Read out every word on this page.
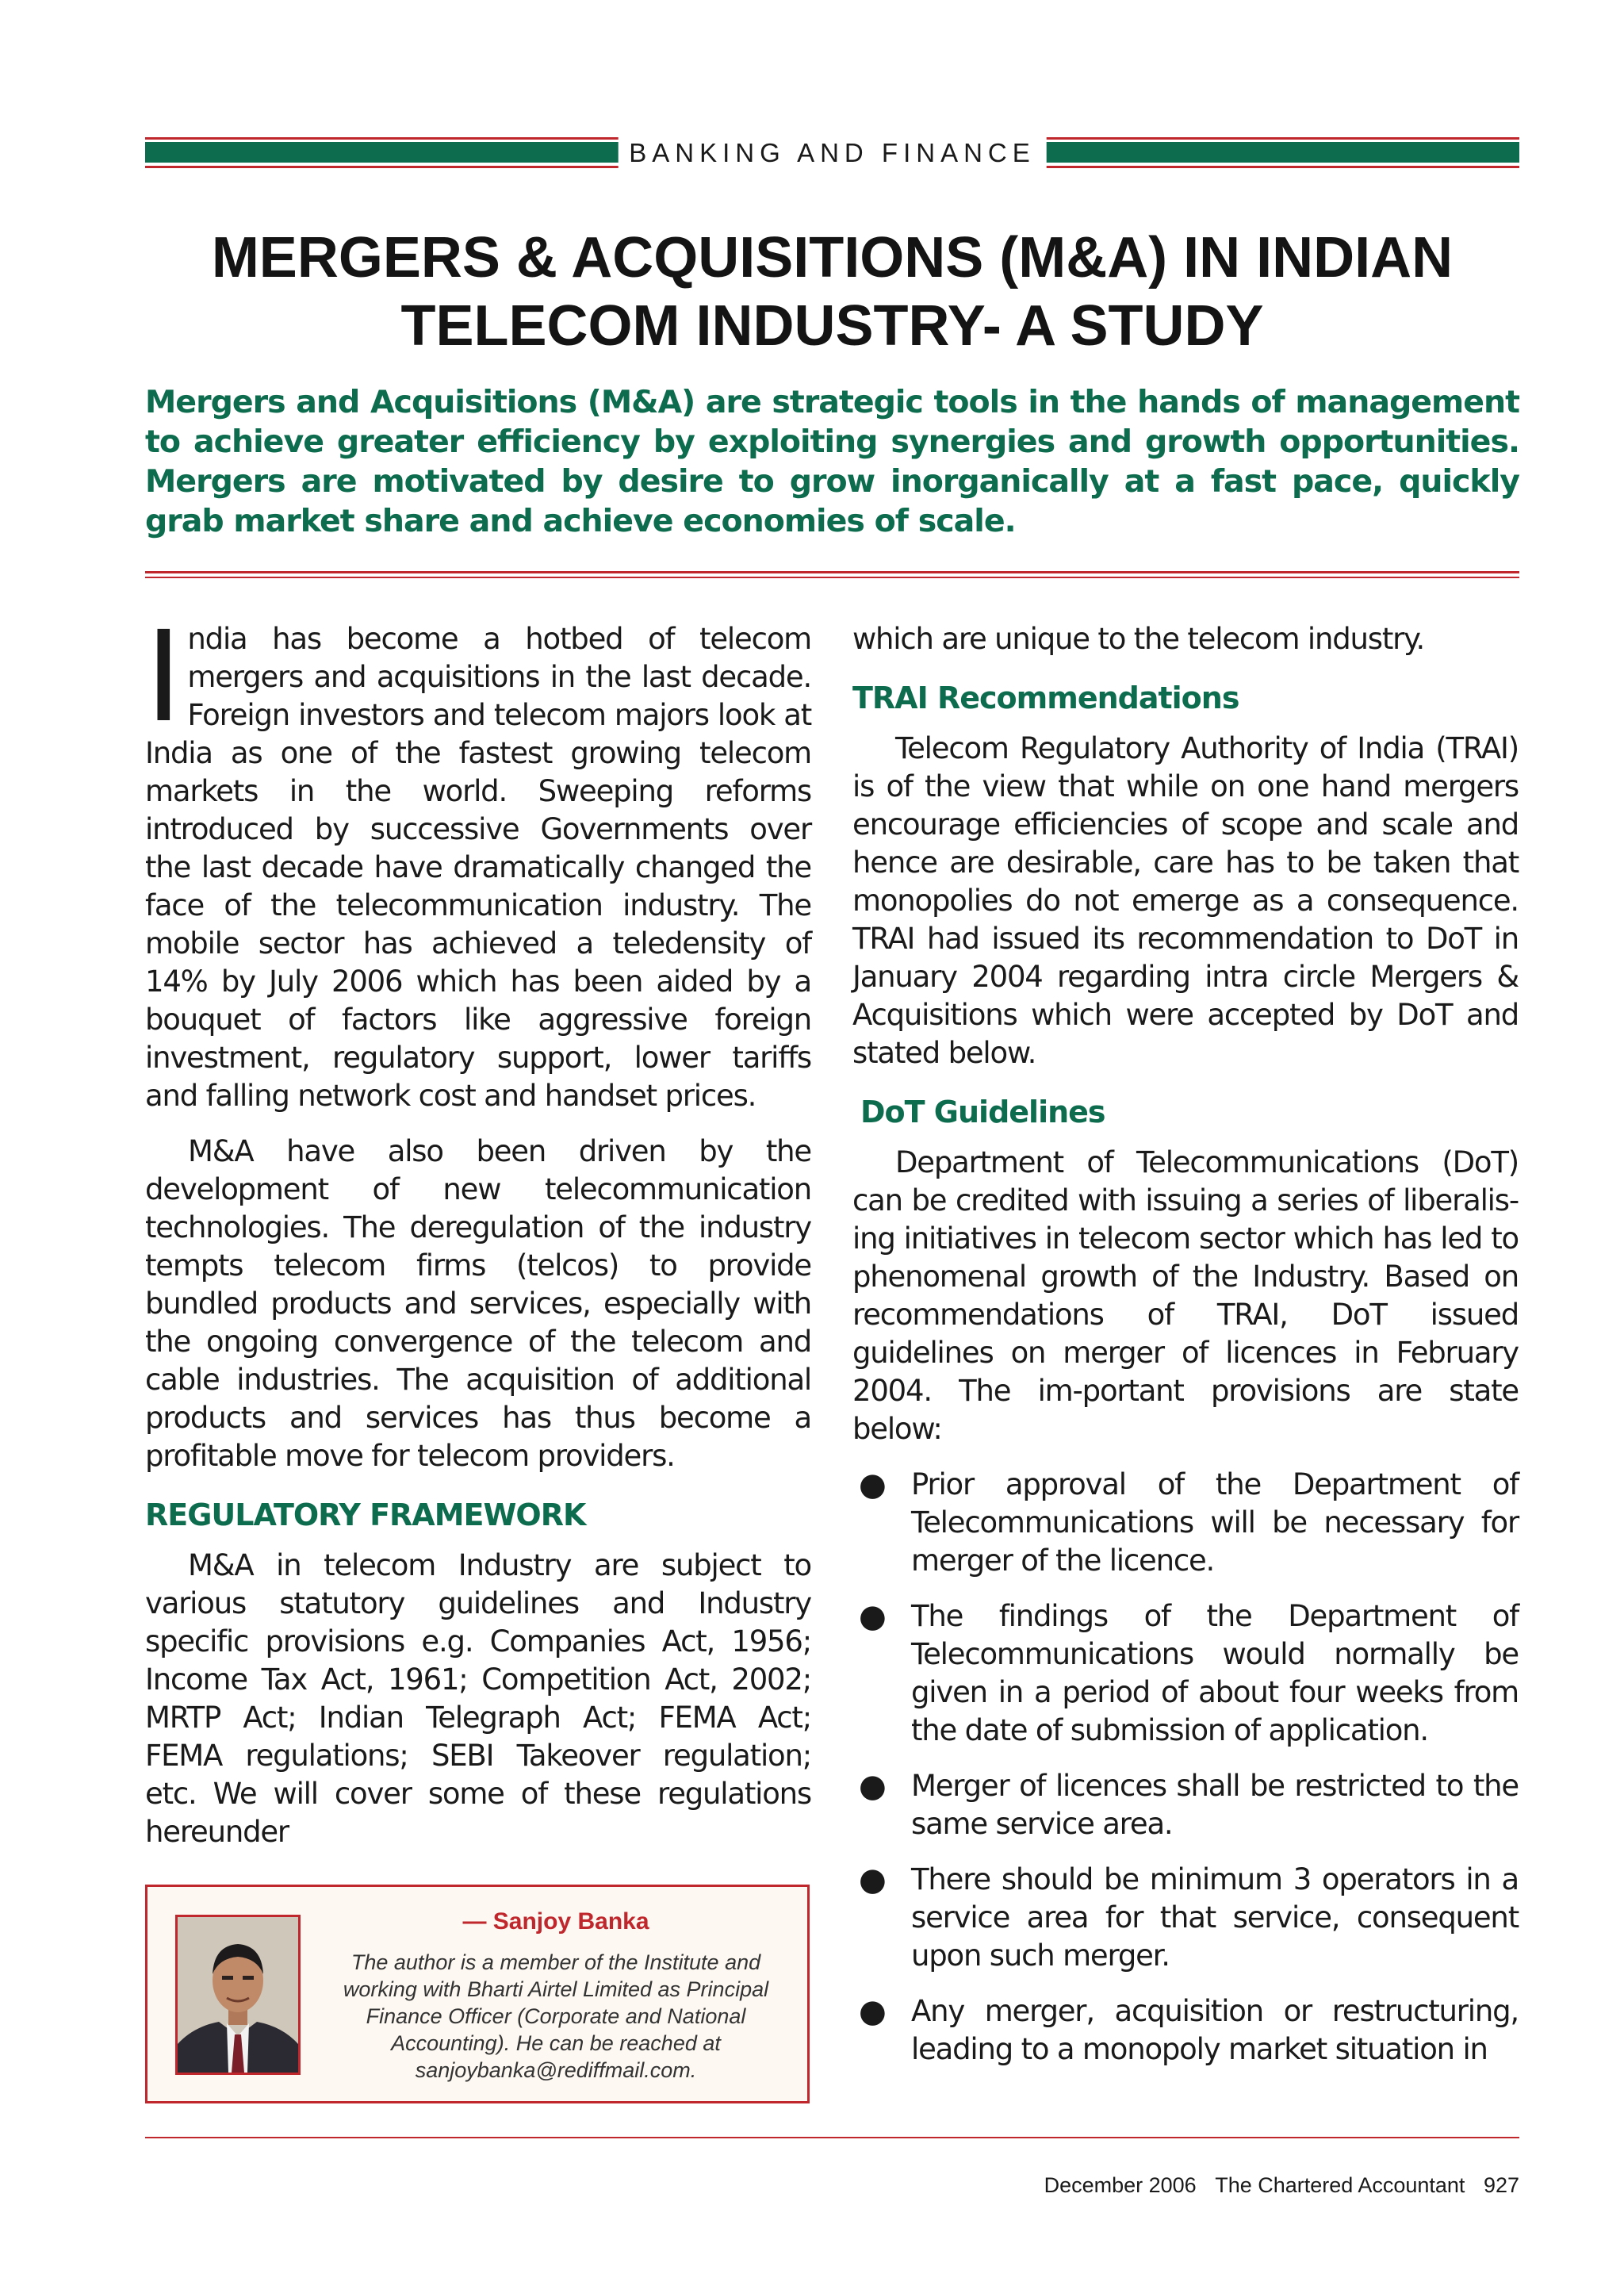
BANKING AND FINANCE
MERGERS & ACQUISITIONS (M&A) IN INDIAN
TELECOM INDUSTRY- A STUDY

Mergers and Acquisitions (M&A) are strategic tools in the hands of management to achieve greater efficiency by exploiting synergies and growth opportunities. Mergers are motivated by desire to grow inorganically at a fast pace, quickly grab market share and achieve economies of scale.

India has become a hotbed of telecom mergers and acquisitions in the last decade. Foreign investors and telecom majors look at India as one of the fastest growing telecom markets in the world. Sweeping reforms introduced by successive Governments over the last decade have dramatically changed the face of the telecommunication industry. The mobile sector has achieved a teledensity of 14% by July 2006 which has been aided by a bouquet of factors like aggressive foreign investment, regulatory support, lower tariffs and falling network cost and handset prices.

M&A have also been driven by the development of new telecommunication technologies. The deregulation of the industry tempts telecom firms (telcos) to provide bundled products and services, especially with the ongoing convergence of the telecom and cable industries. The acquisition of additional products and services has thus become a profitable move for telecom providers.

REGULATORY FRAMEWORK

M&A in telecom Industry are subject to various statutory guidelines and Industry specific provisions e.g. Companies Act, 1956; Income Tax Act, 1961; Competition Act, 2002; MRTP Act; Indian Telegraph Act; FEMA Act; FEMA regulations; SEBI Takeover regulation; etc. We will cover some of these regulations hereunder

which are unique to the telecom industry.

TRAI Recommendations

Telecom Regulatory Authority of India (TRAI) is of the view that while on one hand mergers encourage efficiencies of scope and scale and hence are desirable, care has to be taken that monopolies do not emerge as a consequence. TRAI had issued its recommendation to DoT in January 2004 regarding intra circle Mergers & Acquisitions which were accepted by DoT and stated below.

DoT Guidelines

Department of Telecommunications (DoT) can be credited with issuing a series of liberalis-ing initiatives in telecom sector which has led to phenomenal growth of the Industry. Based on recommendations of TRAI, DoT issued guidelines on merger of licences in February 2004. The im-portant provisions are state below:

● Prior approval of the Department of Telecommunications will be necessary for merger of the licence.
● The findings of the Department of Telecommunications would normally be given in a period of about four weeks from the date of submission of application.
● Merger of licences shall be restricted to the same service area.
● There should be minimum 3 operators in a service area for that service, consequent upon such merger.
● Any merger, acquisition or restructuring, leading to a monopoly market situation in
— Sanjoy Banka
The author is a member of the Institute and working with Bharti Airtel Limited as Principal Finance Officer (Corporate and National Accounting). He can be reached at sanjoybanka@rediffmail.com.
December 2006 The Chartered Accountant 927
